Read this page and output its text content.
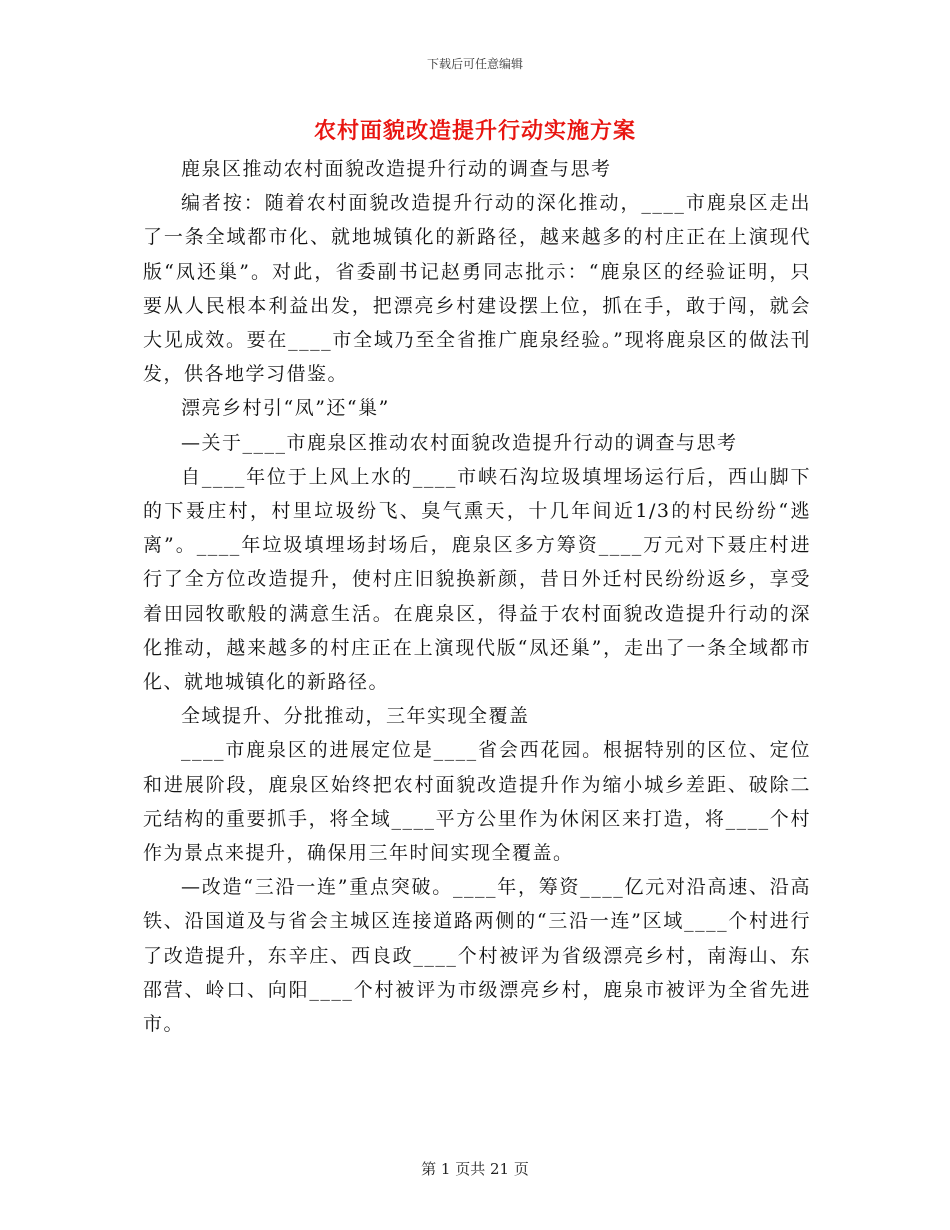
下载后可任意编辑
农村面貌改造提升行动实施方案

鹿泉区推动农村面貌改造提升行动的调查与思考

编者按：随着农村面貌改造提升行动的深化推动，____市鹿泉区走出了一条全域都市化、就地城镇化的新路径，越来越多的村庄正在上演现代版“凤还巢”。对此，省委副书记赵勇同志批示：“鹿泉区的经验证明，只要从人民根本利益出发，把漂亮乡村建设摆上位，抓在手，敢于闯，就会大见成效。要在____市全域乃至全省推广鹿泉经验。”现将鹿泉区的做法刊发，供各地学习借鉴。

漂亮乡村引“凤”还“巢”

—关于____市鹿泉区推动农村面貌改造提升行动的调查与思考

自____年位于上风上水的____市峡石沟垃圾填埋场运行后，西山脚下的下聂庄村，村里垃圾纷飞、臭气熏天，十几年间近1/3的村民纷纷“逃离”。____年垃圾填埋场封场后，鹿泉区多方筹资____万元对下聂庄村进行了全方位改造提升，使村庄旧貌换新颜，昔日外迁村民纷纷返乡，享受着田园牧歌般的满意生活。在鹿泉区，得益于农村面貌改造提升行动的深化推动，越来越多的村庄正在上演现代版“凤还巢”，走出了一条全域都市化、就地城镇化的新路径。

全域提升、分批推动，三年实现全覆盖

____市鹿泉区的进展定位是____省会西花园。根据特别的区位、定位和进展阶段，鹿泉区始终把农村面貌改造提升作为缩小城乡差距、破除二元结构的重要抓手，将全域____平方公里作为休闲区来打造，将____个村作为景点来提升，确保用三年时间实现全覆盖。

—改造“三沿一连”重点突破。____年，筹资____亿元对沿高速、沿高铁、沿国道及与省会主城区连接道路两侧的“三沿一连”区域____个村进行了改造提升，东辛庄、西良政____个村被评为省级漂亮乡村，南海山、东邵营、岭口、向阳____个村被评为市级漂亮乡村，鹿泉市被评为全省先进市。

第 1 页共 21 页
